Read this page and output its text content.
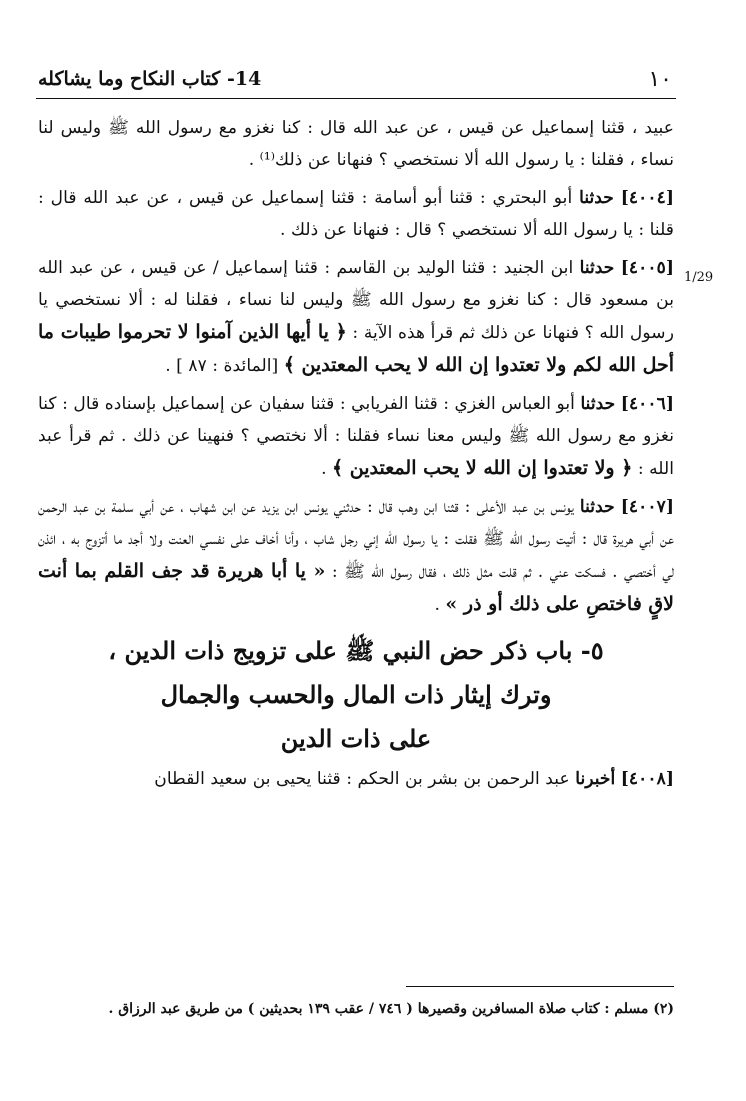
١٠
14- كتاب النكاح وما يشاكله
1/29

عبيد ، قثنا إسماعيل عن قيس ، عن عبد الله قال : كنا نغزو مع رسول الله ﷺ وليس لنا نساء ، فقلنا : يا رسول الله ألا نستخصي ؟ فنهانا عن ذلك⁽¹⁾ .

[٤٠٠٤] حدثنا أبو البحتري : قثنا أبو أسامة : قثنا إسماعيل عن قيس ، عن عبد الله قال : قلنا : يا رسول الله ألا نستخصي ؟ قال : فنهانا عن ذلك .

[٤٠٠٥] حدثنا ابن الجنيد : قثنا الوليد بن القاسم : قثنا إسماعيل / عن قيس ، عن عبد الله بن مسعود قال : كنا نغزو مع رسول الله ﷺ وليس لنا نساء ، فقلنا له : ألا نستخصي يا رسول الله ؟ فنهانا عن ذلك ثم قرأ هذه الآية : ﴿ يا أيها الذين آمنوا لا تحرموا طيبات ما أحل الله لكم ولا تعتدوا إن الله لا يحب المعتدين ﴾ [المائدة : ٨٧ ] .

[٤٠٠٦] حدثنا أبو العباس الغزي : قثنا الفريابي : قثنا سفيان عن إسماعيل بإسناده قال : كنا نغزو مع رسول الله ﷺ وليس معنا نساء فقلنا : ألا نختصي ؟ فنهينا عن ذلك . ثم قرأ عبد الله : ﴿ ولا تعتدوا إن الله لا يحب المعتدين ﴾ .

[٤٠٠٧] حدثنا يونس بن عبد الأعلى : قثنا ابن وهب قال : حدثني يونس ابن يزيد عن ابن شهاب ، عن أبي سلمة بن عبد الرحمن عن أبي هريرة قال : أتيت رسول الله ﷺ فقلت : يا رسول الله إني رجل شاب ، وأنا أخاف على نفسي العنت ولا أجد ما أتزوج به ، ائذن لي أختصي . فسكت عني . ثم قلت مثل ذلك ، فقال رسول الله ﷺ : « يا أبا هريرة قد جف القلم بما أنت لاقٍ فاختصِ على ذلك أو ذر » .

٥- باب ذكر حض النبي ﷺ على تزويج ذات الدين ،
وترك إيثار ذات المال والحسب والجمال
على ذات الدين

[٤٠٠٨] أخبرنا عبد الرحمن بن بشر بن الحكم : قثنا يحيى بن سعيد القطان

(٢) مسلم : كتاب صلاة المسافرين وقصيرها ( ٧٤٦ / عقب ١٣٩ بحديثين ) من طريق عبد الرزاق .
